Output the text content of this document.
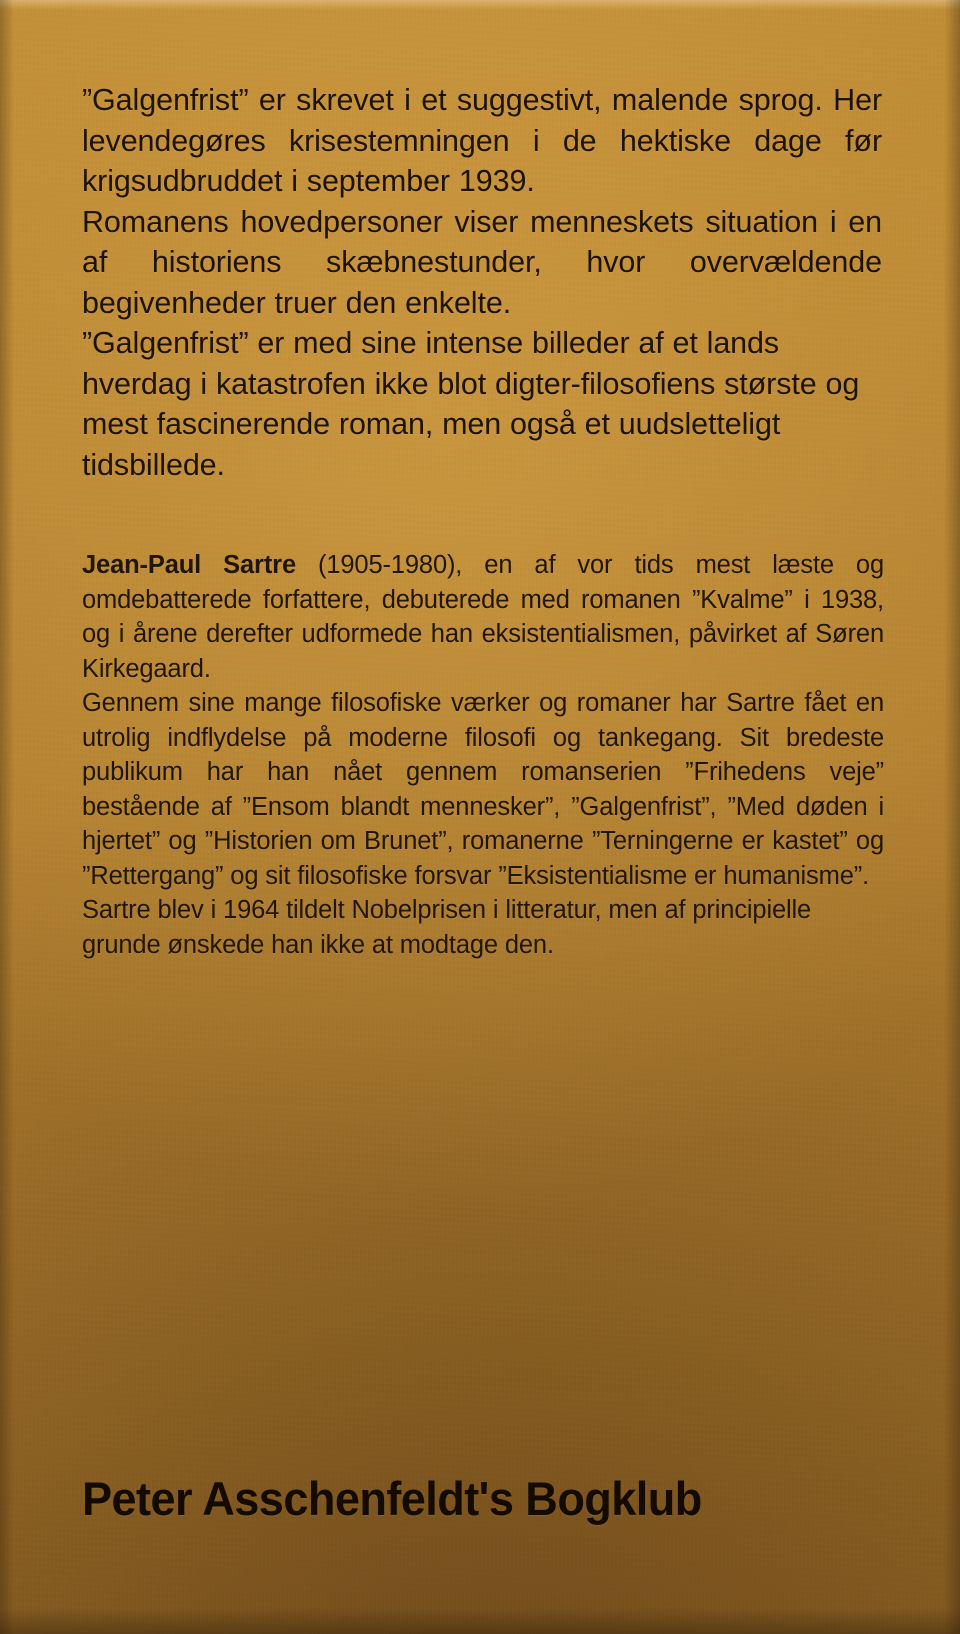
”Galgenfrist” er skrevet i et suggestivt, malende sprog. Her levendegøres krisestemningen i de hektiske dage før krigsudbruddet i september 1939.

Romanens hovedpersoner viser menneskets situation i en af historiens skæbnestunder, hvor overvældende begivenheder truer den enkelte.

”Galgenfrist” er med sine intense billeder af et lands hverdag i katastrofen ikke blot digter-filosofiens største og mest fascinerende roman, men også et uudsletteligt tidsbillede.

Jean-Paul Sartre (1905-1980), en af vor tids mest læste og omdebatterede forfattere, debuterede med romanen ”Kvalme” i 1938, og i årene derefter udformede han eksistentialismen, påvirket af Søren Kirkegaard.

Gennem sine mange filosofiske værker og romaner har Sartre fået en utrolig indflydelse på moderne filosofi og tankegang. Sit bredeste publikum har han nået gennem romanserien ”Frihedens veje” bestående af ”Ensom blandt mennesker”, ”Galgenfrist”, ”Med døden i hjertet” og ”Historien om Brunet”, romanerne ”Terningerne er kastet” og ”Rettergang” og sit filosofiske forsvar ”Eksistentialisme er humanisme”.

Sartre blev i 1964 tildelt Nobelprisen i litteratur, men af principielle grunde ønskede han ikke at modtage den.

Peter Asschenfeldt's Bogklub
